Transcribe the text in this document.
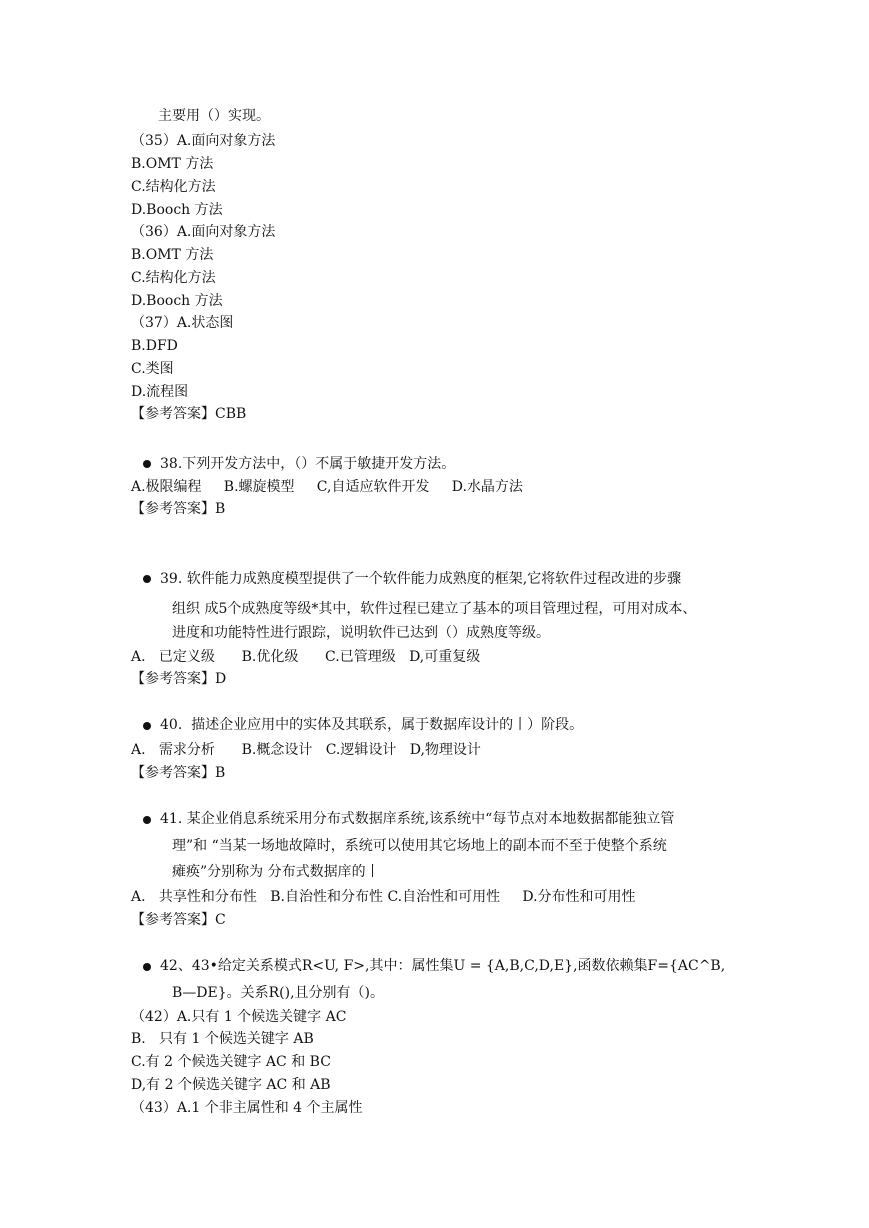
主要用（）实现。
（35）A.面向对象方法
B.OMT 方法
C.结构化方法
D.Booch 方法
（36）A.面向对象方法
B.OMT 方法
C.结构化方法
D.Booch 方法
（37）A.状态图
B.DFD
C.类图
D.流程图
【参考答案】CBB
38.下列开发方法中，（）不属于敏捷开发方法。
A.极限编程     B.螺旋模型     C,自适应软件开发     D.水晶方法
【参考答案】B
39. 软件能力成熟度模型提供了一个软件能力成熟度的框架,它将软件过程改进的步骤
组织 成5个成熟度等级*其中，软件过程已建立了基本的项目管理过程，可用对成本、
进度和功能特性进行跟踪，说明软件已达到（）成熟度等级。
A.   已定义级      B.优化级      C.已管理级   D,可重复级
【参考答案】D
40.  描述企业应用中的实体及其联系，属于数据库设计的丨）阶段。
A.   需求分析      B.概念设计   C.逻辑设计   D,物理设计
【参考答案】B
41. 某企业俏息系统采用分布式数据庠系统,该系统中“每节点对本地数据都能独立管
理”和 “当某一场地故障时，系统可以使用其它场地上的副本而不至于使整个系统
瘫痪”分别称为 分布式数据庠的丨
A.   共享性和分布性   B.自治性和分布性 C.自治性和可用性     D.分布性和可用性
【参考答案】C
42、43•给定关系模式R<U, F>,其中：属性集U = {A,B,C,D,E},函数依赖集F={AC^B,
B—DE}。关系R(),且分别有（)。
（42）A.只有 1 个候选关键字 AC
B.   只有 1 个候选关键字 AB
C.有 2 个候选关键字 AC 和 BC
D,有 2 个候选关键字 AC 和 AB
（43）A.1 个非主属性和 4 个主属性
